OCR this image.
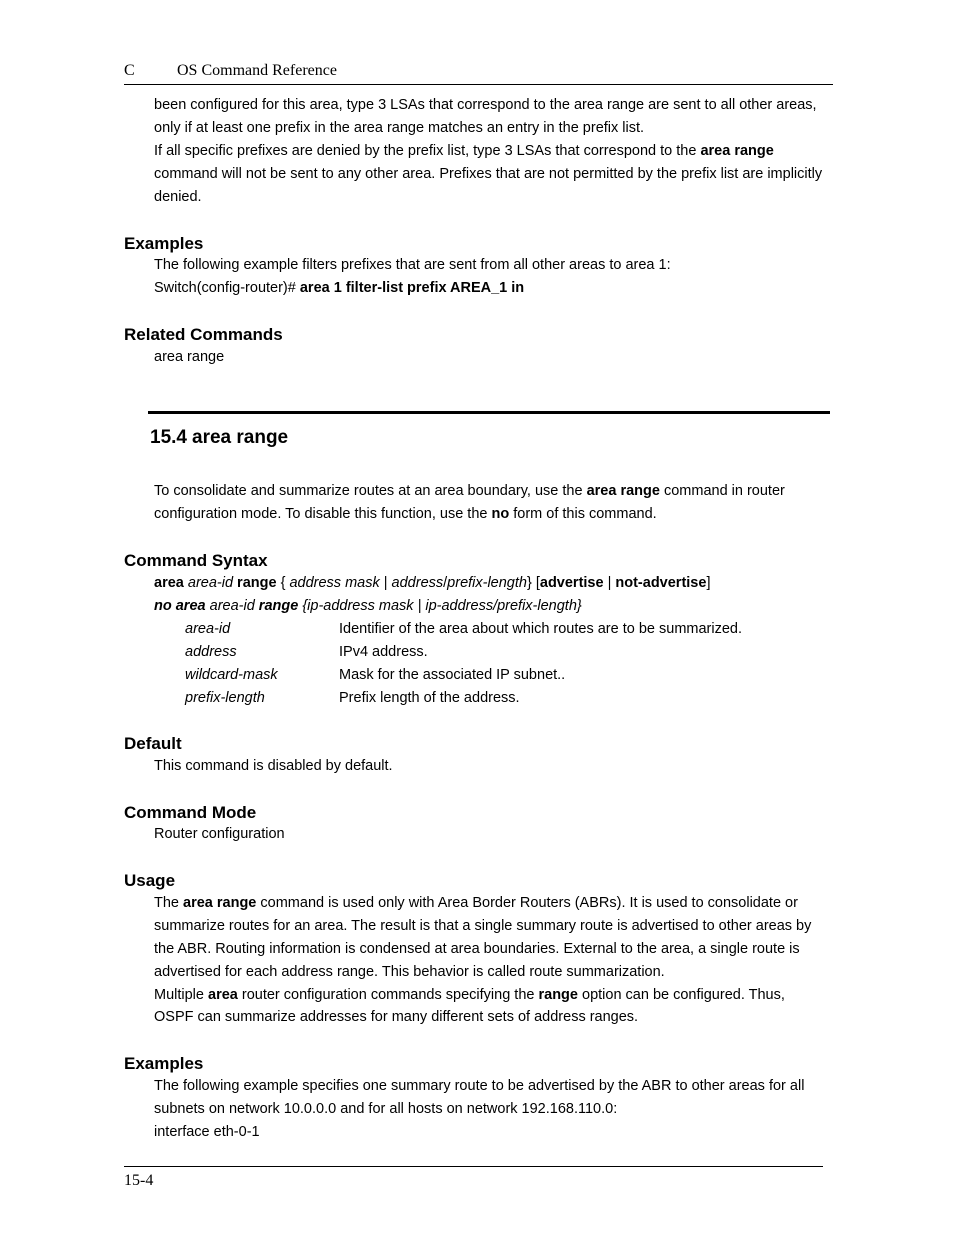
C	OS Command Reference
been configured for this area, type 3 LSAs that correspond to the area range are sent to all other areas,
only if at least one prefix in the area range matches an entry in the prefix list.
If all specific prefixes are denied by the prefix list, type 3 LSAs that correspond to the area range
command will not be sent to any other area. Prefixes that are not permitted by the prefix list are implicitly
denied.
Examples
The following example filters prefixes that are sent from all other areas to area 1:
Switch(config-router)# area 1 filter-list prefix AREA_1 in
Related Commands
area range
15.4 area range
To consolidate and summarize routes at an area boundary, use the area range command in router
configuration mode. To disable this function, use the no form of this command.
Command Syntax
area area-id range { address mask | address/prefix-length} [advertise | not-advertise]
no area area-id range {ip-address mask | ip-address/prefix-length}
area-id	Identifier of the area about which routes are to be summarized.
address	IPv4 address.
wildcard-mask	Mask for the associated IP subnet..
prefix-length	Prefix length of the address.
Default
This command is disabled by default.
Command Mode
Router configuration
Usage
The area range command is used only with Area Border Routers (ABRs). It is used to consolidate or
summarize routes for an area. The result is that a single summary route is advertised to other areas by
the ABR. Routing information is condensed at area boundaries. External to the area, a single route is
advertised for each address range. This behavior is called route summarization.
Multiple area router configuration commands specifying the range option can be configured. Thus,
OSPF can summarize addresses for many different sets of address ranges.
Examples
The following example specifies one summary route to be advertised by the ABR to other areas for all
subnets on network 10.0.0.0 and for all hosts on network 192.168.110.0:
interface eth-0-1
15-4
